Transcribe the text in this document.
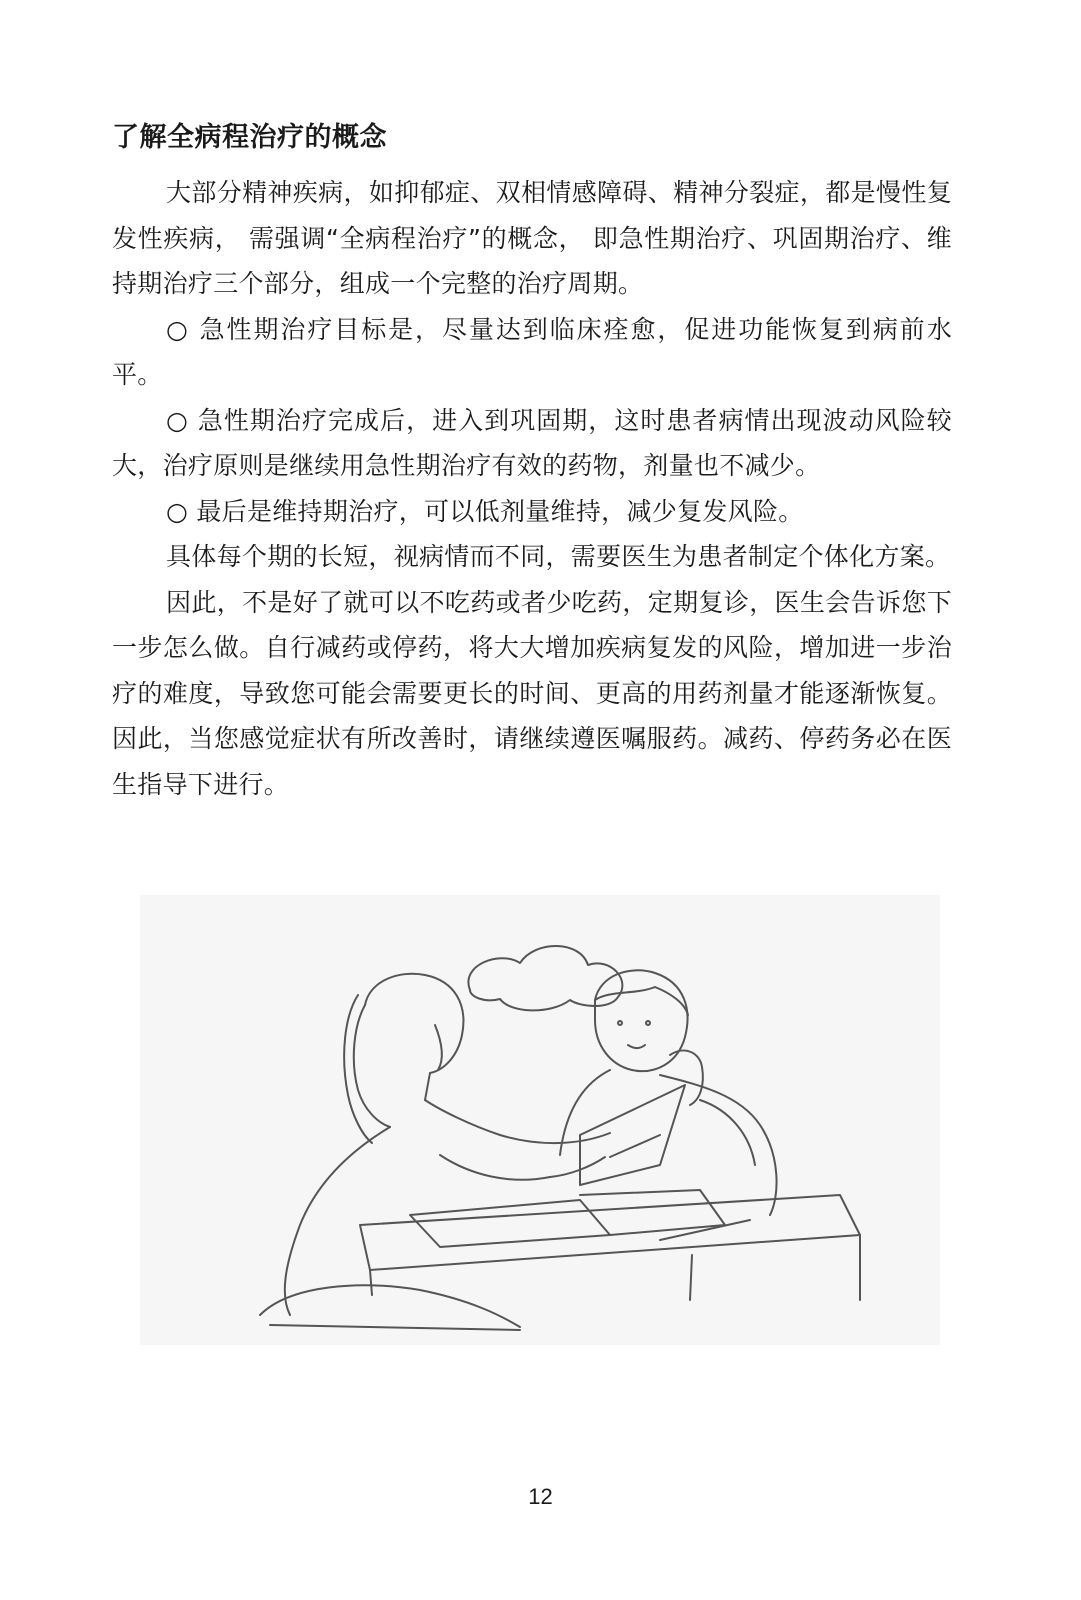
了解全病程治疗的概念

大部分精神疾病，如抑郁症、双相情感障碍、精神分裂症，都是慢性复发性疾病， 需强调“全病程治疗”的概念， 即急性期治疗、巩固期治疗、维持期治疗三个部分，组成一个完整的治疗周期。

○ 急性期治疗目标是，尽量达到临床痊愈，促进功能恢复到病前水平。

○ 急性期治疗完成后，进入到巩固期，这时患者病情出现波动风险较大，治疗原则是继续用急性期治疗有效的药物，剂量也不减少。

○ 最后是维持期治疗，可以低剂量维持，减少复发风险。

具体每个期的长短，视病情而不同，需要医生为患者制定个体化方案。

因此，不是好了就可以不吃药或者少吃药，定期复诊，医生会告诉您下一步怎么做。自行减药或停药，将大大增加疾病复发的风险，增加进一步治疗的难度，导致您可能会需要更长的时间、更高的用药剂量才能逐渐恢复。因此，当您感觉症状有所改善时，请继续遵医嘱服药。减药、停药务必在医生指导下进行。

12
